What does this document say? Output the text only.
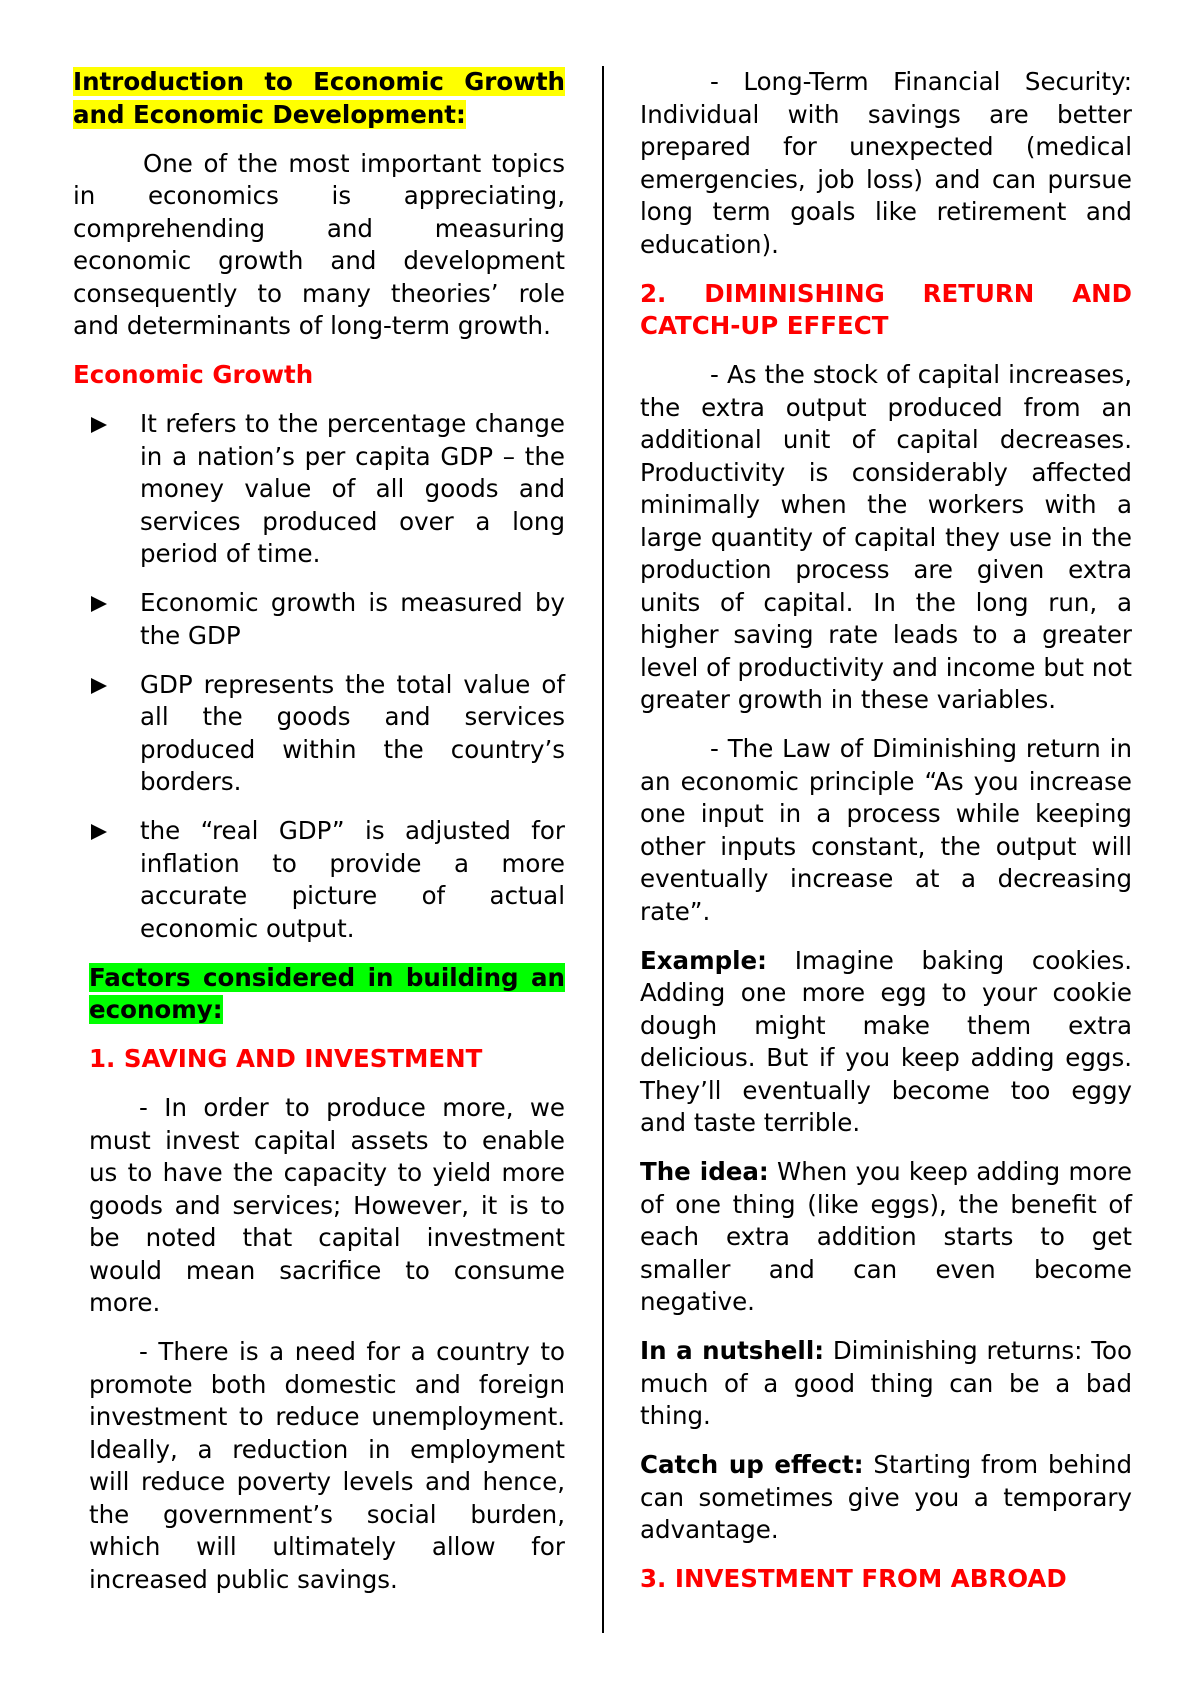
Introduction to Economic Growth and Economic Development:

One of the most important topics in economics is appreciating, comprehending and measuring economic growth and development consequently to many theories’ role and determinants of long-term growth.

Economic Growth

It refers to the percentage change in a nation’s per capita GDP – the money value of all goods and services produced over a long period of time.
Economic growth is measured by the GDP
GDP represents the total value of all the goods and services produced within the country’s borders.
the “real GDP” is adjusted for inflation to provide a more accurate picture of actual economic output.

Factors considered in building an economy:

1. SAVING AND INVESTMENT

- In order to produce more, we must invest capital assets to enable us to have the capacity to yield more goods and services; However, it is to be noted that capital investment would mean sacrifice to consume more.

- There is a need for a country to promote both domestic and foreign investment to reduce unemployment. Ideally, a reduction in employment will reduce poverty levels and hence, the government’s social burden, which will ultimately allow for increased public savings.

- Long-Term Financial Security: Individual with savings are better prepared for unexpected (medical emergencies, job loss) and can pursue long term goals like retirement and education).

2. DIMINISHING RETURN AND CATCH-UP EFFECT

- As the stock of capital increases, the extra output produced from an additional unit of capital decreases. Productivity is considerably affected minimally when the workers with a large quantity of capital they use in the production process are given extra units of capital. In the long run, a higher saving rate leads to a greater level of productivity and income but not greater growth in these variables.

- The Law of Diminishing return in an economic principle “As you increase one input in a process while keeping other inputs constant, the output will eventually increase at a decreasing rate”.

Example: Imagine baking cookies. Adding one more egg to your cookie dough might make them extra delicious. But if you keep adding eggs. They’ll eventually become too eggy and taste terrible.

The idea: When you keep adding more of one thing (like eggs), the benefit of each extra addition starts to get smaller and can even become negative.

In a nutshell: Diminishing returns: Too much of a good thing can be a bad thing.

Catch up effect: Starting from behind can sometimes give you a temporary advantage.

3. INVESTMENT FROM ABROAD
